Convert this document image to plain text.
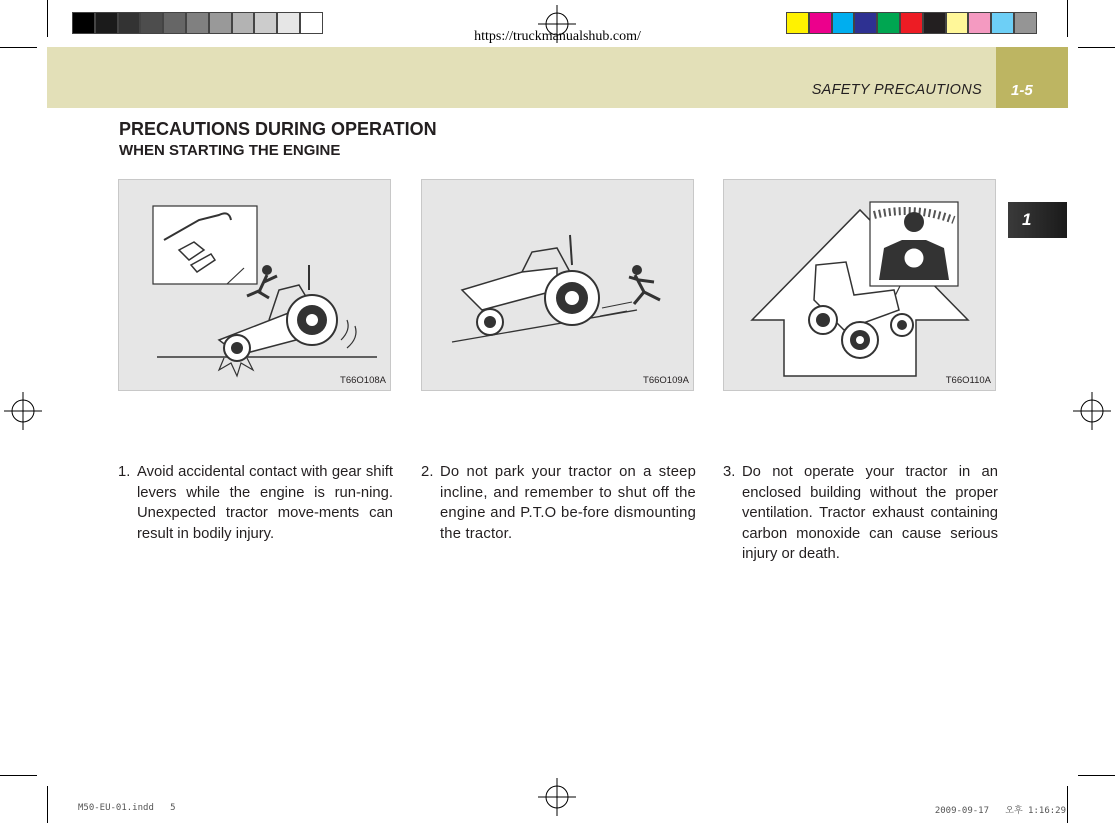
https://truckmanualshub.com/
SAFETY PRECAUTIONS 1-5
1
PRECAUTIONS DURING OPERATION
WHEN STARTING THE ENGINE
T66O108A	T66O109A	T66O110A
1. Avoid accidental contact with gear shift levers while the engine is run-ning. Unexpected tractor move-ments can result in bodily injury.
2. Do not park your tractor on a steep incline, and remember to shut off the engine and P.T.O be-fore dismounting the tractor.
3. Do not operate your tractor in an enclosed building without the proper ventilation. Tractor exhaust containing carbon monoxide can cause serious injury or death.
M50-EU-01.indd   5	2009-09-17   오후 1:16:29
